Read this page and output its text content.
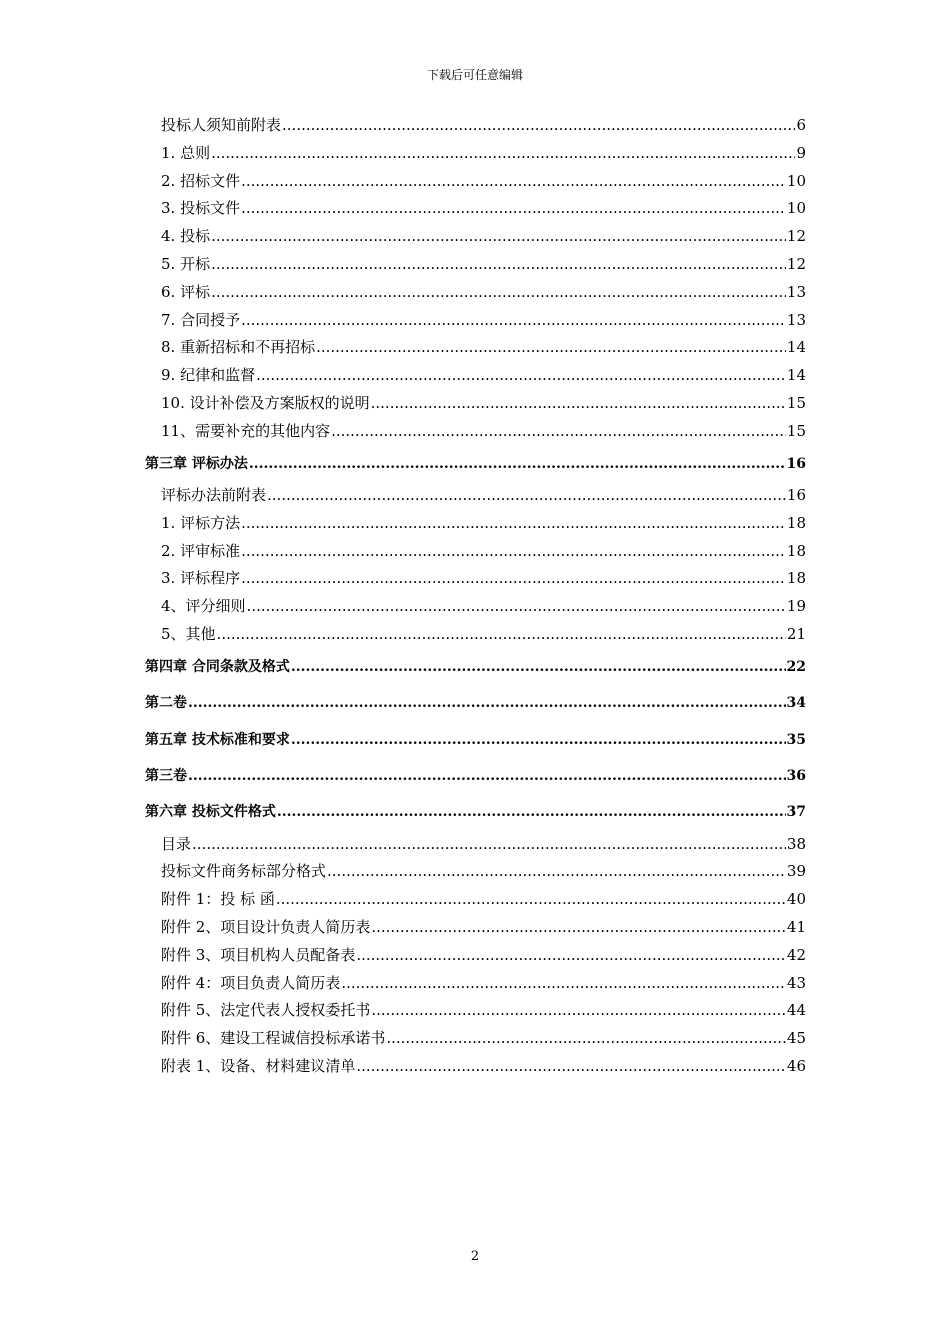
下载后可任意编辑
投标人须知前附表 .....	6
1. 总则 .....	9
2. 招标文件 .....	10
3. 投标文件 .....	10
4. 投标 .....	12
5. 开标 .....	12
6. 评标 .....	13
7. 合同授予 .....	13
8. 重新招标和不再招标 .....	14
9. 纪律和监督 .....	14
10. 设计补偿及方案版权的说明 .....	15
11、需要补充的其他内容 .....	15
第三章 评标办法 .....	16
评标办法前附表 .....	16
1. 评标方法 .....	18
2. 评审标准 .....	18
3. 评标程序 .....	18
4、评分细则 .....	19
5、其他 .....	21
第四章 合同条款及格式 .....	22
第二卷 .....	34
第五章 技术标准和要求 .....	35
第三卷 .....	36
第六章 投标文件格式 .....	37
目录 .....	38
投标文件商务标部分格式 .....	39
附件 1：投 标 函 .....	40
附件 2、项目设计负责人简历表 .....	41
附件 3、项目机构人员配备表 .....	42
附件 4：项目负责人简历表 .....	43
附件 5、法定代表人授权委托书 .....	44
附件 6、建设工程诚信投标承诺书 .....	45
附表 1、设备、材料建议清单 .....	46
2
